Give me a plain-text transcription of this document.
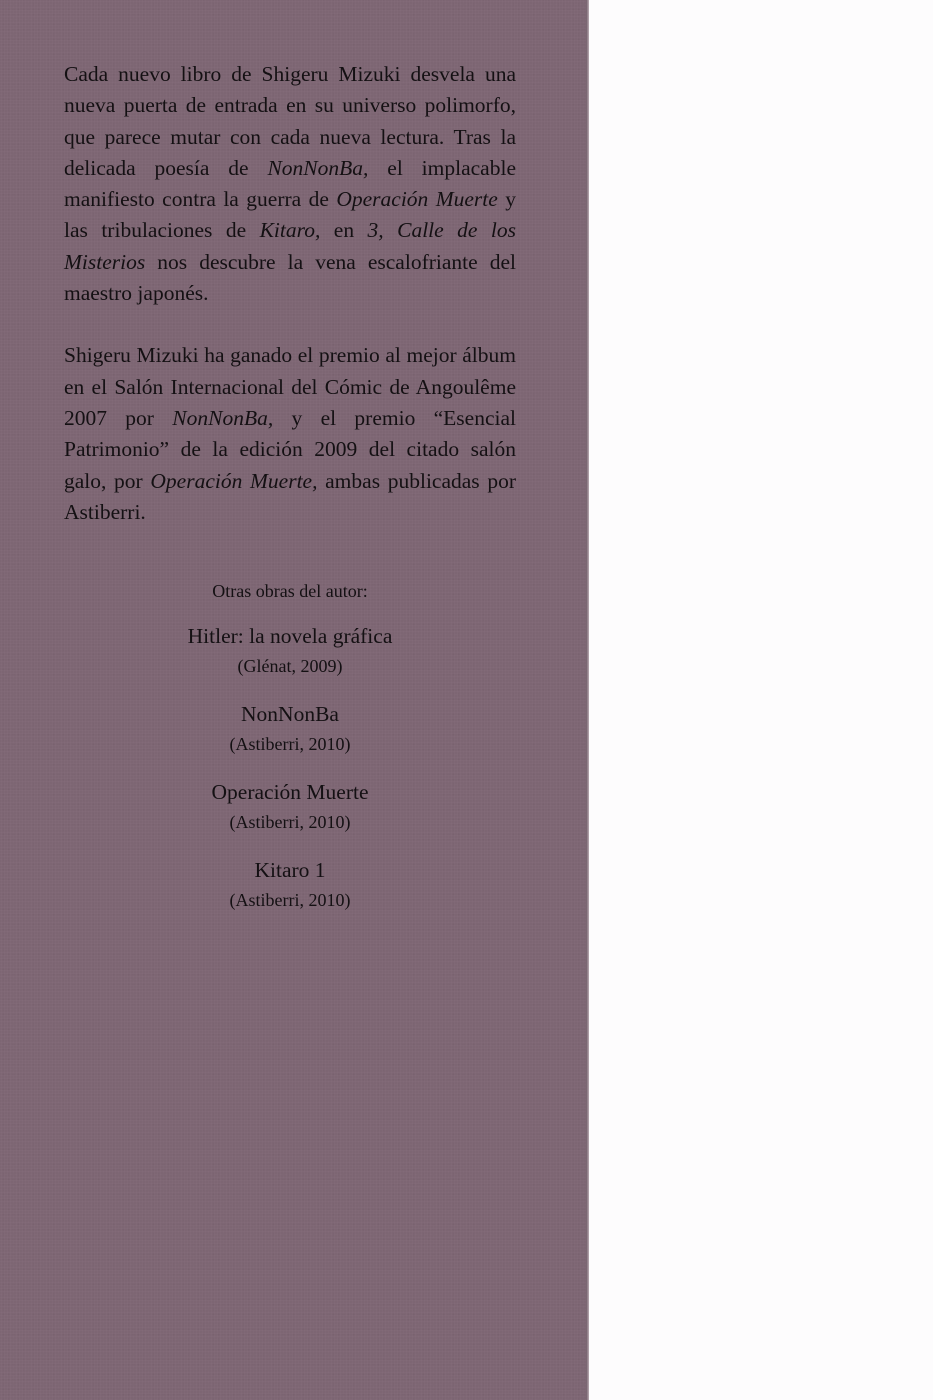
Cada nuevo libro de Shigeru Mizuki desvela una nueva puerta de entrada en su universo polimorfo, que parece mutar con cada nueva lectura. Tras la delicada poesía de NonNonBa, el implacable manifiesto contra la guerra de Operación Muerte y las tribulaciones de Kitaro, en 3, Calle de los Misterios nos descubre la vena escalofriante del maestro japonés.

Shigeru Mizuki ha ganado el premio al mejor álbum en el Salón Internacional del Cómic de Angoulême 2007 por NonNonBa, y el premio “Esencial Patrimonio” de la edición 2009 del citado salón galo, por Operación Muerte, ambas publicadas por Astiberri.

Otras obras del autor:
Hitler: la novela gráfica
(Glénat, 2009)
NonNonBa
(Astiberri, 2010)
Operación Muerte
(Astiberri, 2010)
Kitaro 1
(Astiberri, 2010)
